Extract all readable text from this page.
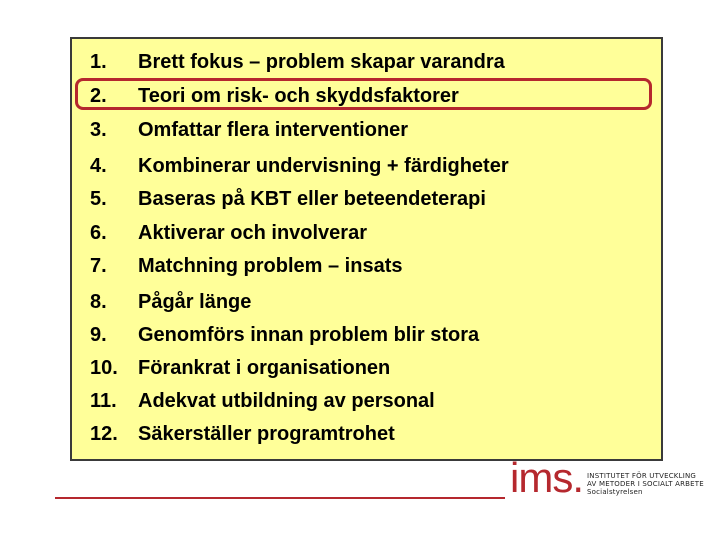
1.	Brett fokus – problem skapar varandra
2.	Teori om risk- och skyddsfaktorer
3.	Omfattar flera interventioner
4.	Kombinerar undervisning + färdigheter
5.	Baseras på KBT eller beteendeterapi
6.	Aktiverar och involverar
7.	Matchning problem – insats
8.	Pågår länge
9.	Genomförs innan problem blir stora
10.	Förankrat i organisationen
11.	Adekvat utbildning av personal
12.	Säkerställer programtrohet
ims. INSTITUTET FÖR UTVECKLING
AV METODER I SOCIALT ARBETE
Socialstyrelsen
